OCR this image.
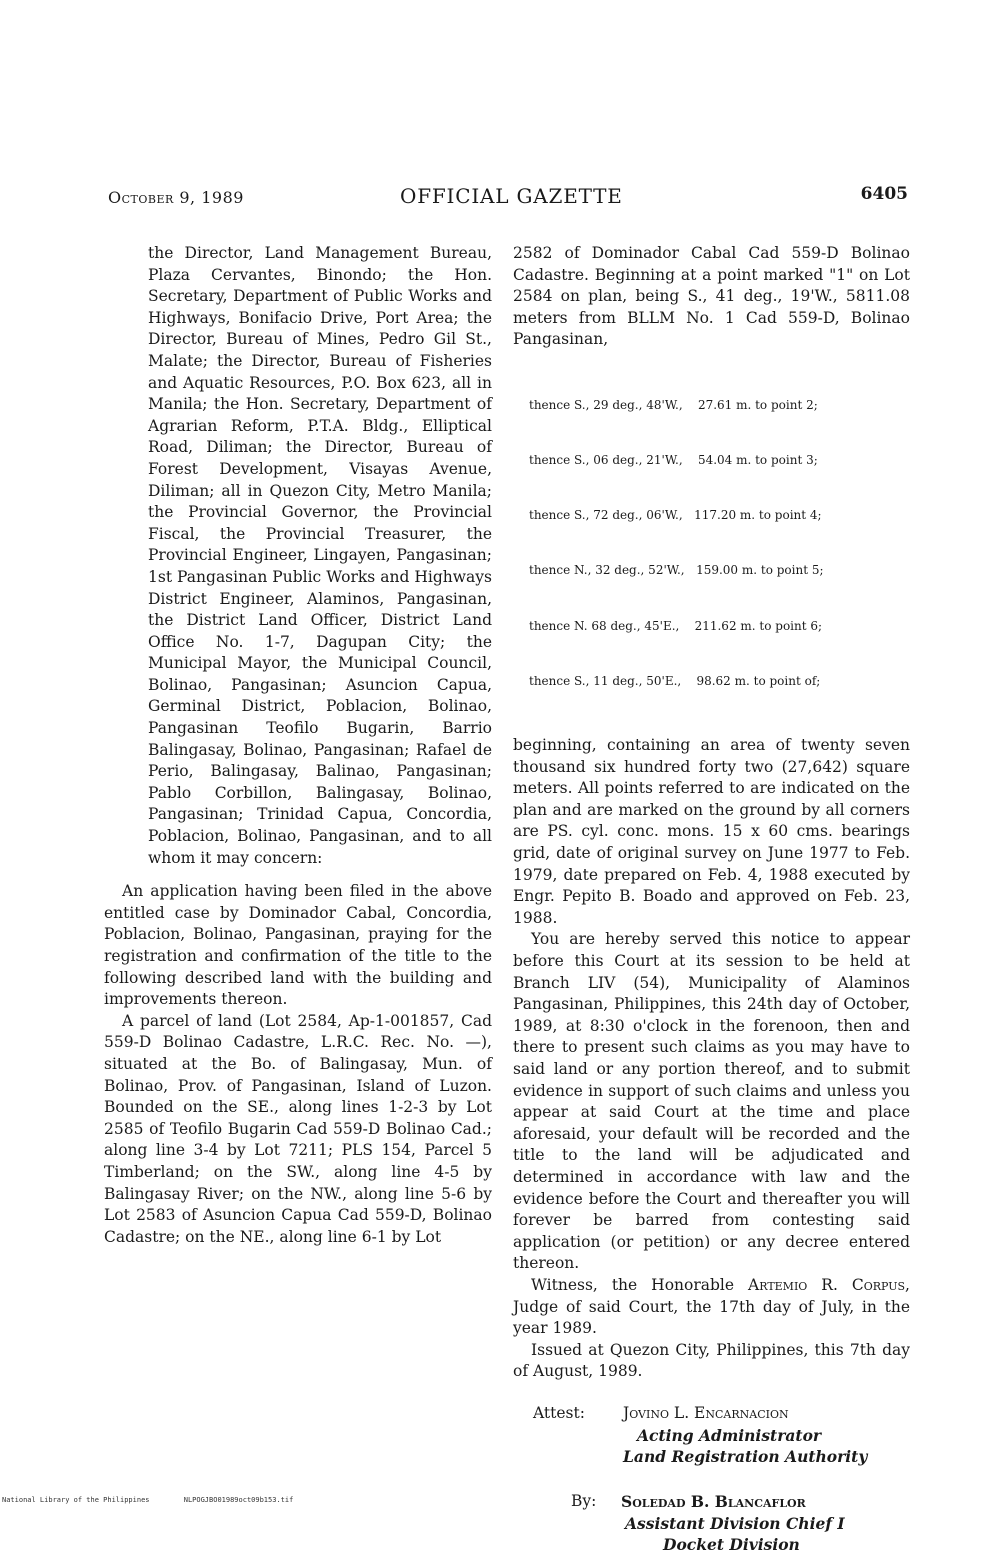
October 9, 1989	OFFICIAL GAZETTE	6405

the Director, Land Management Bureau, Plaza Cervantes, Binondo; the Hon. Secretary, Department of Public Works and Highways, Bonifacio Drive, Port Area; the Director, Bureau of Mines, Pedro Gil St., Malate; the Director, Bureau of Fisheries and Aquatic Resources, P.O. Box 623, all in Manila; the Hon. Secretary, Department of Agrarian Reform, P.T.A. Bldg., Elliptical Road, Diliman; the Director, Bureau of Forest Development, Visayas Avenue, Diliman; all in Quezon City, Metro Manila; the Provincial Governor, the Provincial Fiscal, the Provincial Treasurer, the Provincial Engineer, Lingayen, Pangasinan; 1st Pangasinan Public Works and Highways District Engineer, Alaminos, Pangasinan, the District Land Officer, District Land Office No. 1-7, Dagupan City; the Municipal Mayor, the Municipal Council, Bolinao, Pangasinan; Asuncion Capua, Germinal District, Poblacion, Bolinao, Pangasinan Teofilo Bugarin, Barrio Balingasay, Bolinao, Pangasinan; Rafael de Perio, Balingasay, Balinao, Pangasinan; Pablo Corbillon, Balingasay, Bolinao, Pangasinan; Trinidad Capua, Concordia, Poblacion, Bolinao, Pangasinan, and to all whom it may concern:

An application having been filed in the above entitled case by Dominador Cabal, Concordia, Poblacion, Bolinao, Pangasinan, praying for the registration and confirmation of the title to the following described land with the building and improvements thereon.

A parcel of land (Lot 2584, Ap-1-001857, Cad 559-D Bolinao Cadastre, L.R.C. Rec. No. —), situated at the Bo. of Balingasay, Mun. of Bolinao, Prov. of Pangasinan, Island of Luzon. Bounded on the SE., along lines 1-2-3 by Lot 2585 of Teofilo Bugarin Cad 559-D Bolinao Cad.; along line 3-4 by Lot 7211; PLS 154, Parcel 5 Timberland; on the SW., along line 4-5 by Balingasay River; on the NW., along line 5-6 by Lot 2583 of Asuncion Capua Cad 559-D, Bolinao Cadastre; on the NE., along line 6-1 by Lot

2582 of Dominador Cabal Cad 559-D Bolinao Cadastre. Beginning at a point marked "1" on Lot 2584 on plan, being S., 41 deg., 19'W., 5811.08 meters from BLLM No. 1 Cad 559-D, Bolinao Pangasinan,

thence S., 29 deg., 48'W.,    27.61 m. to point 2;

thence S., 06 deg., 21'W.,    54.04 m. to point 3;

thence S., 72 deg., 06'W.,   117.20 m. to point 4;

thence N., 32 deg., 52'W.,   159.00 m. to point 5;

thence N. 68 deg., 45'E.,    211.62 m. to point 6;

thence S., 11 deg., 50'E.,    98.62 m. to point of;

beginning, containing an area of twenty seven thousand six hundred forty two (27,642) square meters. All points referred to are indicated on the plan and are marked on the ground by all corners are PS. cyl. conc. mons. 15 x 60 cms. bearings grid, date of original survey on June 1977 to Feb. 1979, date prepared on Feb. 4, 1988 executed by Engr. Pepito B. Boado and approved on Feb. 23, 1988.

You are hereby served this notice to appear before this Court at its session to be held at Branch LIV (54), Municipality of Alaminos Pangasinan, Philippines, this 24th day of October, 1989, at 8:30 o'clock in the forenoon, then and there to present such claims as you may have to said land or any portion thereof, and to submit evidence in support of such claims and unless you appear at said Court at the time and place aforesaid, your default will be recorded and the title to the land will be adjudicated and determined in accordance with law and the evidence before the Court and thereafter you will forever be barred from contesting said application (or petition) or any decree entered thereon.

Witness, the Honorable Artemio R. Corpus, Judge of said Court, the 17th day of July, in the year 1989.

Issued at Quezon City, Philippines, this 7th day of August, 1989.

Attest: Jovino L. Encarnacion
Acting Administrator
Land Registration Authority
By: Soledad B. Blancaflor
Assistant Division Chief I
Docket Division
National Library of the Philippines	NLPOGJBO01989oct09b153.tif
